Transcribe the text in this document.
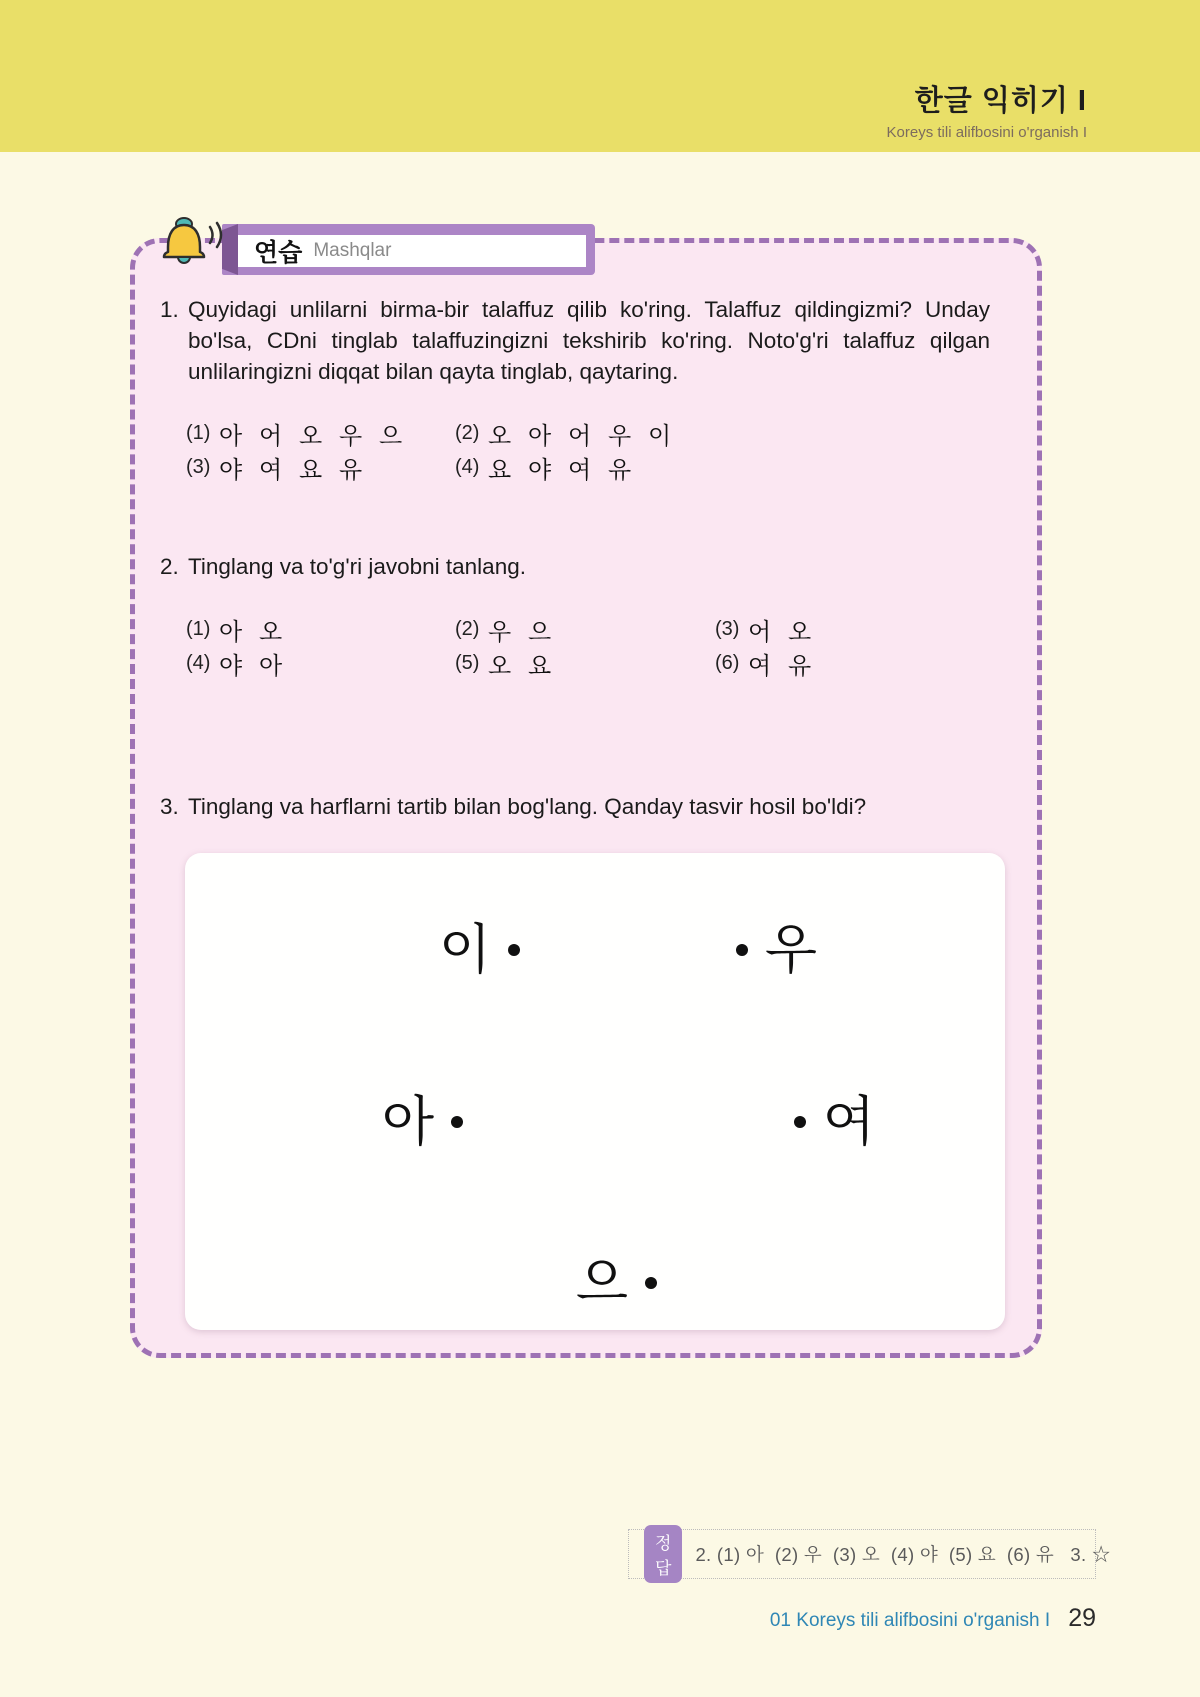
한글 익히기 I
Koreys tili alifbosini o'rganish I
연습 Mashqlar
1. Quyidagi unlilarni birma-bir talaffuz qilib ko'ring. Talaffuz qildingizmi? Unday bo'lsa, CDni tinglab talaffuzingizni tekshirib ko'ring. Noto'g'ri talaffuz qilgan unlilaringizni diqqat bilan qayta tinglab, qaytaring.

(1) 아 어 오 우 으	(2) 오 아 어 우 이
(3) 야 여 요 유	(4) 요 야 여 유
2. Tinglang va to'g'ri javobni tanlang.

(1) 아 오	(2) 우 으	(3) 어 오
(4) 야 아	(5) 오 요	(6) 여 유
3. Tinglang va harflarni tartib bilan bog'lang. Qanday tasvir hosil bo'ldi?

이	우
아	여
으
정답
2. (1) 아  (2) 우  (3) 오  (4) 야  (5) 요  (6) 유   3. ☆
01 Koreys tili alifbosini o'rganish I 29
